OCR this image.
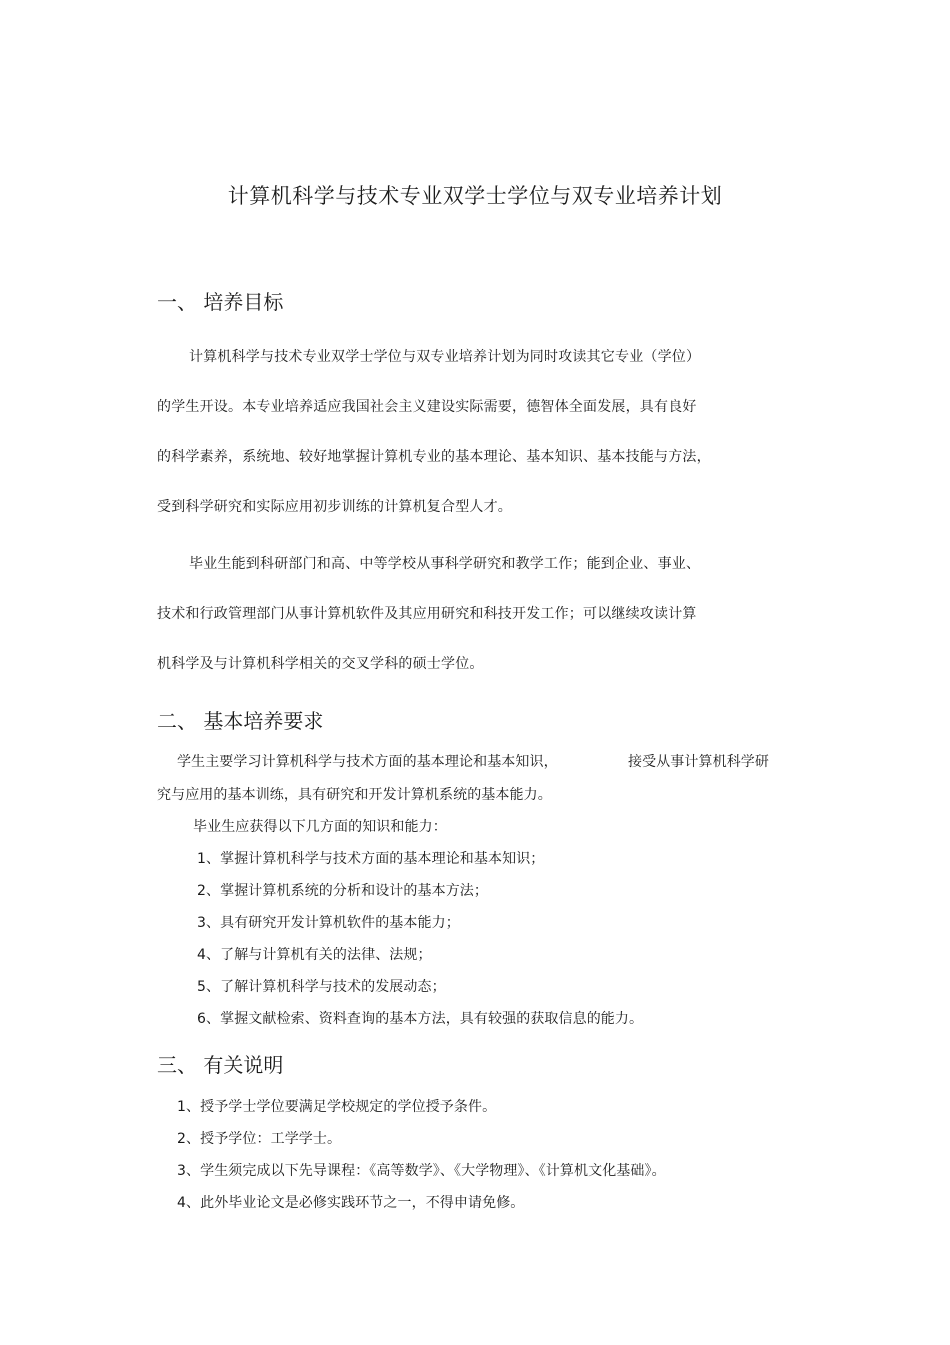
计算机科学与技术专业双学士学位与双专业培养计划
一、 培养目标

计算机科学与技术专业双学士学位与双专业培养计划为同时攻读其它专业（学位）

的学生开设。本专业培养适应我国社会主义建设实际需要，德智体全面发展，具有良好

的科学素养，系统地、较好地掌握计算机专业的基本理论、基本知识、基本技能与方法，

受到科学研究和实际应用初步训练的计算机复合型人才。

毕业生能到科研部门和高、中等学校从事科学研究和教学工作；能到企业、事业、

技术和行政管理部门从事计算机软件及其应用研究和科技开发工作；可以继续攻读计算

机科学及与计算机科学相关的交叉学科的硕士学位。

二、 基本培养要求

学生主要学习计算机科学与技术方面的基本理论和基本知识，	接受从事计算机科学研

究与应用的基本训练，具有研究和开发计算机系统的基本能力。

毕业生应获得以下几方面的知识和能力：

1、掌握计算机科学与技术方面的基本理论和基本知识；

2、掌握计算机系统的分析和设计的基本方法；

3、具有研究开发计算机软件的基本能力；

4、了解与计算机有关的法律、法规；

5、了解计算机科学与技术的发展动态；

6、掌握文献检索、资料查询的基本方法，具有较强的获取信息的能力。

三、 有关说明

1、授予学士学位要满足学校规定的学位授予条件。

2、授予学位：工学学士。

3、学生须完成以下先导课程：《高等数学》、《大学物理》、《计算机文化基础》。

4、此外毕业论文是必修实践环节之一，不得申请免修。
